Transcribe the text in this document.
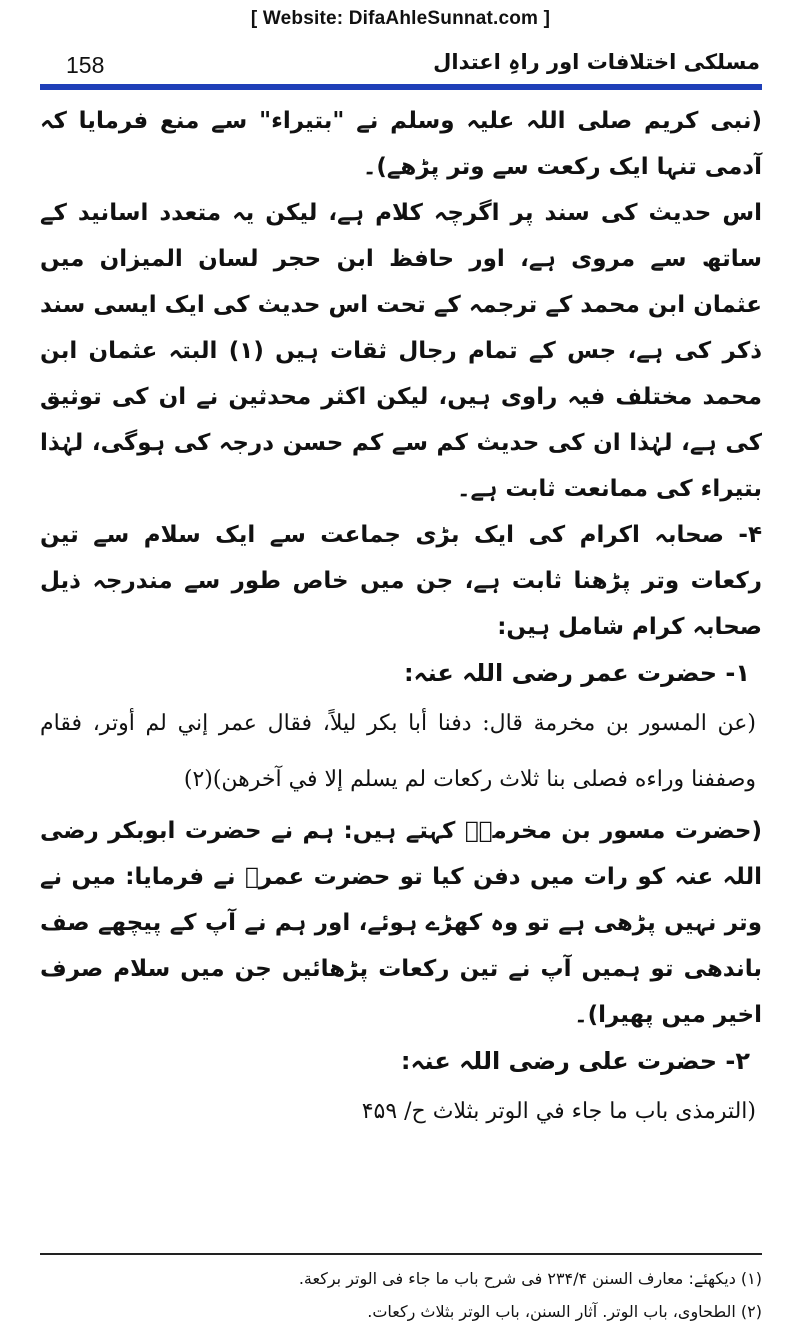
[ Website: DifaAhleSunnat.com ]
158	مسلکی اختلافات اور راہِ اعتدال

(نبی کریم صلی اللہ علیہ وسلم نے "بتیراء" سے منع فرمایا کہ آدمی تنہا ایک رکعت سے وتر پڑھے)۔

اس حدیث کی سند پر اگرچہ کلام ہے، لیکن یہ متعدد اسانید کے ساتھ سے مروی ہے، اور حافظ ابن حجر لسان المیزان میں عثمان ابن محمد کے ترجمہ کے تحت اس حدیث کی ایک ایسی سند ذکر کی ہے، جس کے تمام رجال ثقات ہیں (۱) البتہ عثمان ابن محمد مختلف فیہ راوی ہیں، لیکن اکثر محدثین نے ان کی توثیق کی ہے، لہٰذا ان کی حدیث کم سے کم حسن درجہ کی ہوگی، لہٰذا بتیراء کی ممانعت ثابت ہے۔

۴- صحابہ اکرام کی ایک بڑی جماعت سے ایک سلام سے تین رکعات وتر پڑھنا ثابت ہے، جن میں خاص طور سے مندرجہ ذیل صحابہ کرام شامل ہیں:

۱- حضرت عمر رضی اللہ عنہ:

(عن المسور بن مخرمة قال: دفنا أبا بكر ليلاً، فقال عمر إني لم أوتر، فقام وصففنا وراءه فصلى بنا ثلاث ركعات لم يسلم إلا في آخرهن)(۲)

(حضرت مسور بن مخرمہؓ کہتے ہیں: ہم نے حضرت ابوبکر رضی اللہ عنہ کو رات میں دفن کیا تو حضرت عمرؓ نے فرمایا: میں نے وتر نہیں پڑھی ہے تو وہ کھڑے ہوئے، اور ہم نے آپ کے پیچھے صف باندھی تو ہمیں آپ نے تین رکعات پڑھائیں جن میں سلام صرف اخیر میں پھیرا)۔

۲- حضرت علی رضی اللہ عنہ:

(الترمذی باب ما جاء في الوتر بثلاث ح/ ۴۵۹

(۱) دیکھئے: معارف السنن ۲۳۴/۴ فی شرح باب ما جاء فی الوتر برکعة.

(۲) الطحاوی، باب الوتر. آثار السنن، باب الوتر بثلاث رکعات.
